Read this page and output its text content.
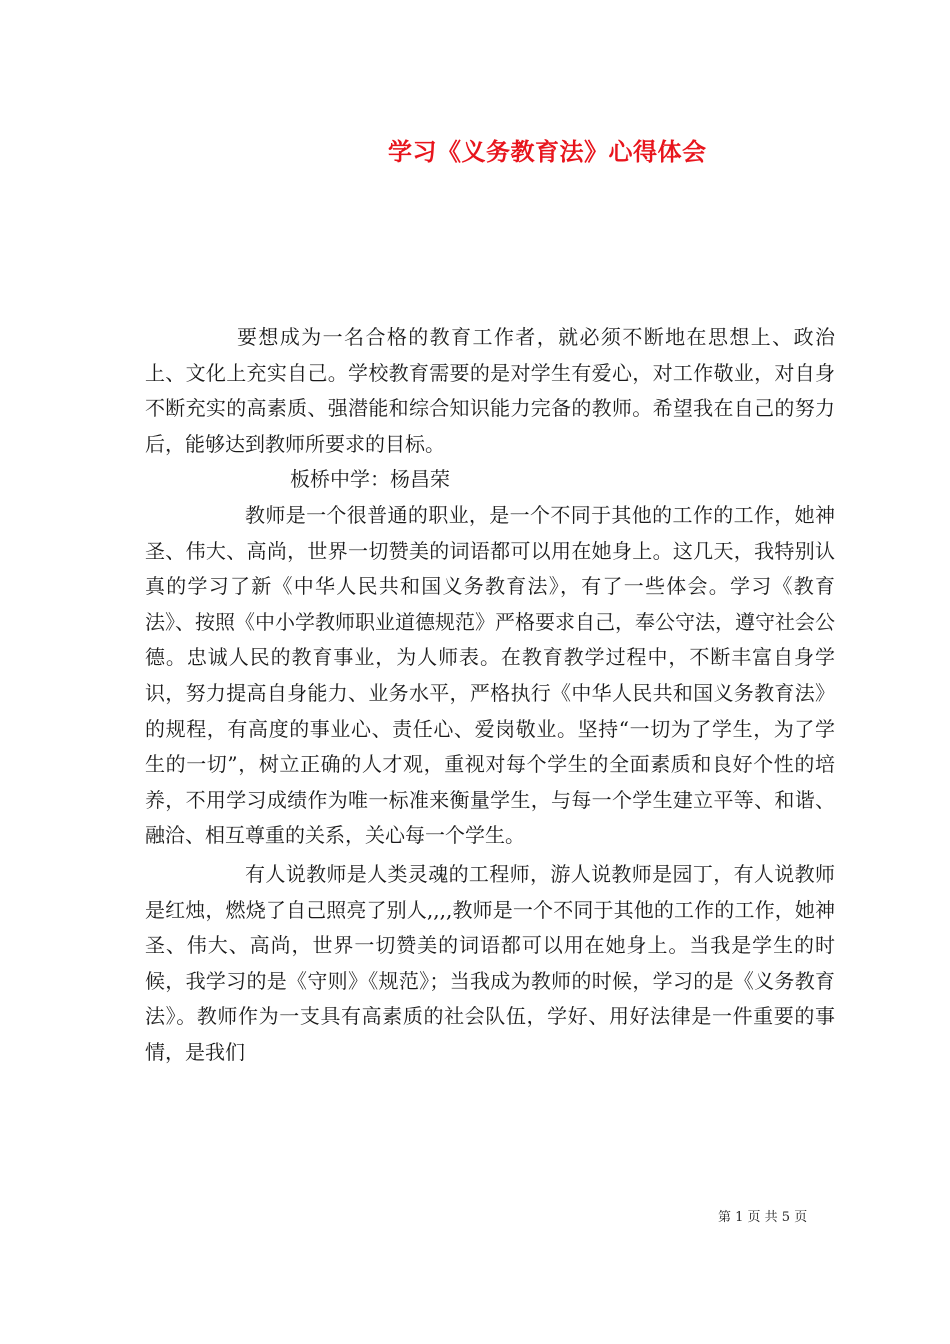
学习《义务教育法》心得体会

要想成为一名合格的教育工作者，就必须不断地在思想上、政治上、文化上充实自己。学校教育需要的是对学生有爱心，对工作敬业，对自身不断充实的高素质、强潜能和综合知识能力完备的教师。希望我在自己的努力后，能够达到教师所要求的目标。

板桥中学：杨昌荣

教师是一个很普通的职业，是一个不同于其他的工作的工作，她神圣、伟大、高尚，世界一切赞美的词语都可以用在她身上。这几天，我特别认真的学习了新《中华人民共和国义务教育法》，有了一些体会。学习《教育法》、按照《中小学教师职业道德规范》严格要求自己，奉公守法，遵守社会公德。忠诚人民的教育事业，为人师表。在教育教学过程中，不断丰富自身学识，努力提高自身能力、业务水平，严格执行《中华人民共和国义务教育法》的规程，有高度的事业心、责任心、爱岗敬业。坚持“一切为了学生，为了学生的一切”，树立正确的人才观，重视对每个学生的全面素质和良好个性的培养，不用学习成绩作为唯一标准来衡量学生，与每一个学生建立平等、和谐、融洽、相互尊重的关系，关心每一个学生。

有人说教师是人类灵魂的工程师，游人说教师是园丁，有人说教师是红烛，燃烧了自己照亮了别人,,,,教师是一个不同于其他的工作的工作，她神圣、伟大、高尚，世界一切赞美的词语都可以用在她身上。当我是学生的时候，我学习的是《守则》《规范》；当我成为教师的时候，学习的是《义务教育法》。教师作为一支具有高素质的社会队伍，学好、用好法律是一件重要的事情，是我们

第 1 页 共 5 页
